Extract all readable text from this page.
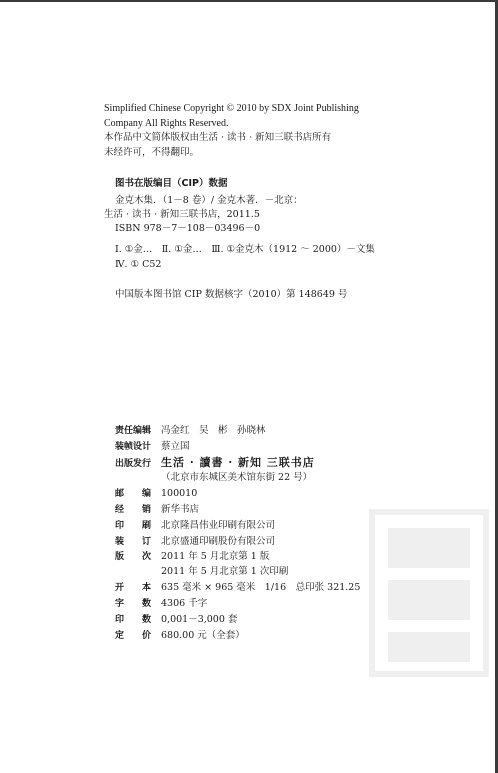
Simplified Chinese Copyright © 2010 by SDX Joint Publishing
Company All Rights Reserved.
本作品中文简体版权由生活 · 读书 · 新知三联书店所有
未经许可，不得翻印。
图书在版编目（CIP）数据
金克木集．（1－8 卷）/ 金克木著．－北京：
生活 · 读书 · 新知三联书店，2011.5
ISBN 978－7－108－03496－0
Ⅰ. ①金…　Ⅱ. ①金…　Ⅲ. ①金克木（1912 ～ 2000）－文集
Ⅳ. ① C52
中国版本图书馆 CIP 数据核字（2010）第 148649 号
责任编辑 冯金红　吴　彬　孙晓林
装帧设计 蔡立国
出版发行 生活 · 讀書 · 新知 三联书店
（北京市东城区美术馆东街 22 号）
邮　　编 100010
经　　销 新华书店
印　　刷 北京隆昌伟业印刷有限公司
装　　订 北京盛通印刷股份有限公司
版　　次 2011 年 5 月北京第 1 版
2011 年 5 月北京第 1 次印刷
开　　本 635 毫米 × 965 毫米　1/16　总印张 321.25
字　　数 4306 千字
印　　数 0,001－3,000 套
定　　价 680.00 元（全套）
